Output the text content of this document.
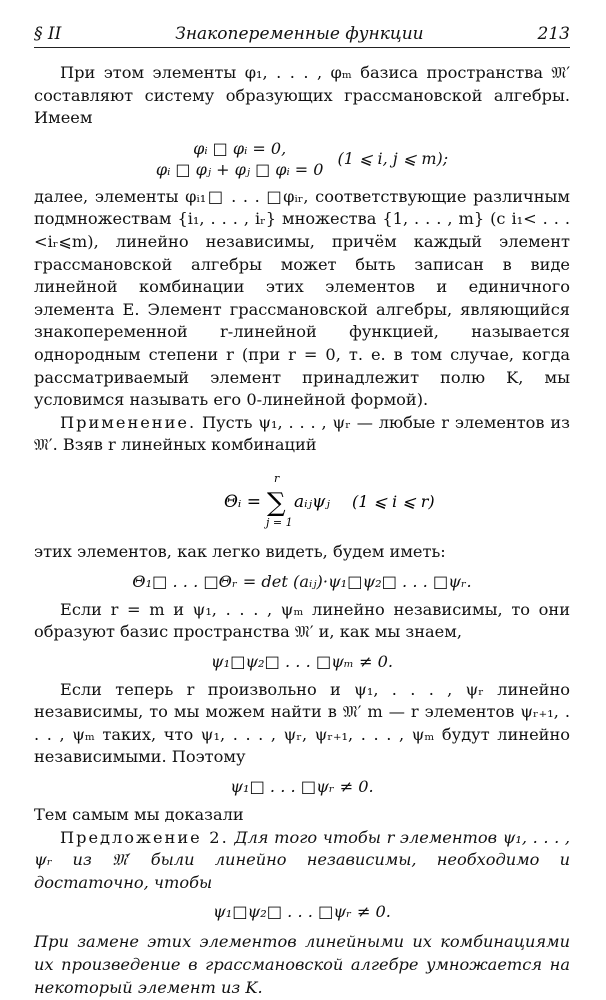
§ II	Знакопеременные функции	213

При этом элементы φ₁, . . . , φₘ базиса пространства 𝔐′ составляют систему образующих грассмановской алгебры. Имеем

φᵢ □ φᵢ = 0,
φᵢ □ φⱼ + φⱼ □ φᵢ = 0
(1 ⩽ i, j ⩽ m);

далее, элементы φᵢ₁□ . . . □φᵢᵣ, соответствующие различным подмножествам {i₁, . . . , iᵣ} множества {1, . . . , m} (с i₁< . . . <iᵣ⩽m), линейно независимы, причём каждый элемент грассмановской алгебры может быть записан в виде линейной комбинации этих элементов и единичного элемента E. Элемент грассмановской алгебры, являющийся знакопеременной r-линейной функцией, называется однородным степени r (при r = 0, т. е. в том случае, когда рассматриваемый элемент принадлежит полю K, мы условимся называть его 0-линейной формой).

Применение. Пусть ψ₁, . . . , ψᵣ — любые r элементов из 𝔐′. Взяв r линейных комбинаций

Θᵢ =
r
∑
j = 1
aᵢⱼψⱼ (1 ⩽ i ⩽ r)

этих элементов, как легко видеть, будем иметь:

Θ₁□ . . . □Θᵣ = det (aᵢⱼ)·ψ₁□ψ₂□ . . . □ψᵣ.

Если r = m и ψ₁, . . . , ψₘ линейно независимы, то они образуют базис пространства 𝔐′ и, как мы знаем,

ψ₁□ψ₂□ . . . □ψₘ ≠ 0.

Если теперь r произвольно и ψ₁, . . . , ψᵣ линейно независимы, то мы можем найти в 𝔐′ m — r элементов ψᵣ₊₁, . . . , ψₘ таких, что ψ₁, . . . , ψᵣ, ψᵣ₊₁, . . . , ψₘ будут линейно независимыми. Поэтому

ψ₁□ . . . □ψᵣ ≠ 0.

Тем самым мы доказали

Предложение 2. Для того чтобы r элементов ψ₁, . . . , ψᵣ из 𝔐′ были линейно независимы, необходимо и достаточно, чтобы

ψ₁□ψ₂□ . . . □ψᵣ ≠ 0.

При замене этих элементов линейными их комбинациями их произведение в грассмановской алгебре умножается на некоторый элемент из K.
